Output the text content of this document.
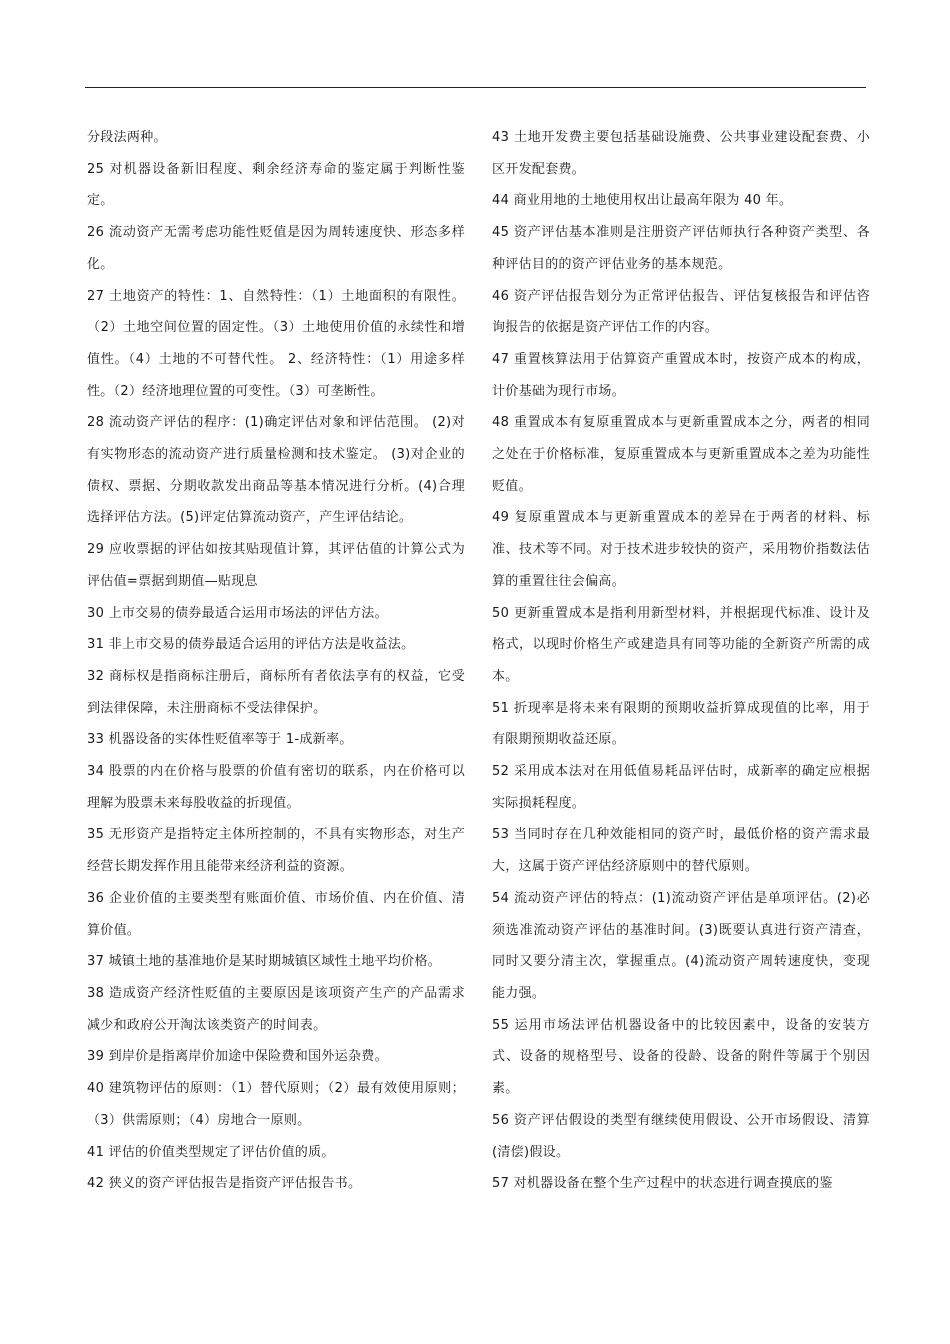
分段法两种。

25 对机器设备新旧程度、剩余经济寿命的鉴定属于判断性鉴定。

26 流动资产无需考虑功能性贬值是因为周转速度快、形态多样化。

27 土地资产的特性：1、自然特性：（1）土地面积的有限性。（2）土地空间位置的固定性。（3）土地使用价值的永续性和增值性。（4）土地的不可替代性。 2、经济特性：（1）用途多样性。（2）经济地理位置的可变性。（3）可垄断性。

28 流动资产评估的程序：(1)确定评估对象和评估范围。 (2)对有实物形态的流动资产进行质量检测和技术鉴定。 (3)对企业的债权、票据、分期收款发出商品等基本情况进行分析。(4)合理选择评估方法。(5)评定估算流动资产，产生评估结论。

29 应收票据的评估如按其贴现值计算，其评估值的计算公式为评估值=票据到期值—贴现息

30 上市交易的债券最适合运用市场法的评估方法。

31 非上市交易的债券最适合运用的评估方法是收益法。

32 商标权是指商标注册后，商标所有者依法享有的权益，它受到法律保障，未注册商标不受法律保护。

33 机器设备的实体性贬值率等于 1-成新率。

34 股票的内在价格与股票的价值有密切的联系，内在价格可以理解为股票未来每股收益的折现值。

35 无形资产是指特定主体所控制的，不具有实物形态，对生产经营长期发挥作用且能带来经济利益的资源。

36 企业价值的主要类型有账面价值、市场价值、内在价值、清算价值。

37 城镇土地的基准地价是某时期城镇区域性土地平均价格。

38 造成资产经济性贬值的主要原因是该项资产生产的产品需求减少和政府公开淘汰该类资产的时间表。

39 到岸价是指离岸价加途中保险费和国外运杂费。

40 建筑物评估的原则：（1）替代原则；（2）最有效使用原则；（3）供需原则；（4）房地合一原则。

41 评估的价值类型规定了评估价值的质。

42 狭义的资产评估报告是指资产评估报告书。

43 土地开发费主要包括基础设施费、公共事业建设配套费、小区开发配套费。

44 商业用地的土地使用权出让最高年限为 40 年。

45 资产评估基本准则是注册资产评估师执行各种资产类型、各种评估目的的资产评估业务的基本规范。

46 资产评估报告划分为正常评估报告、评估复核报告和评估咨询报告的依据是资产评估工作的内容。

47 重置核算法用于估算资产重置成本时，按资产成本的构成，计价基础为现行市场。

48 重置成本有复原重置成本与更新重置成本之分，两者的相同之处在于价格标准，复原重置成本与更新重置成本之差为功能性贬值。

49 复原重置成本与更新重置成本的差异在于两者的材料、标准、技术等不同。对于技术进步较快的资产，采用物价指数法估算的重置往往会偏高。

50 更新重置成本是指利用新型材料，并根据现代标准、设计及格式，以现时价格生产或建造具有同等功能的全新资产所需的成本。

51 折现率是将未来有限期的预期收益折算成现值的比率，用于有限期预期收益还原。

52 采用成本法对在用低值易耗品评估时，成新率的确定应根据实际损耗程度。

53 当同时存在几种效能相同的资产时，最低价格的资产需求最大，这属于资产评估经济原则中的替代原则。

54 流动资产评估的特点：(1)流动资产评估是单项评估。(2)必须选准流动资产评估的基准时间。(3)既要认真进行资产清查，同时又要分清主次，掌握重点。(4)流动资产周转速度快，变现能力强。

55 运用市场法评估机器设备中的比较因素中，设备的安装方式、设备的规格型号、设备的役龄、设备的附件等属于个别因素。

56 资产评估假设的类型有继续使用假设、公开市场假设、清算(清偿)假设。

57 对机器设备在整个生产过程中的状态进行调查摸底的鉴
